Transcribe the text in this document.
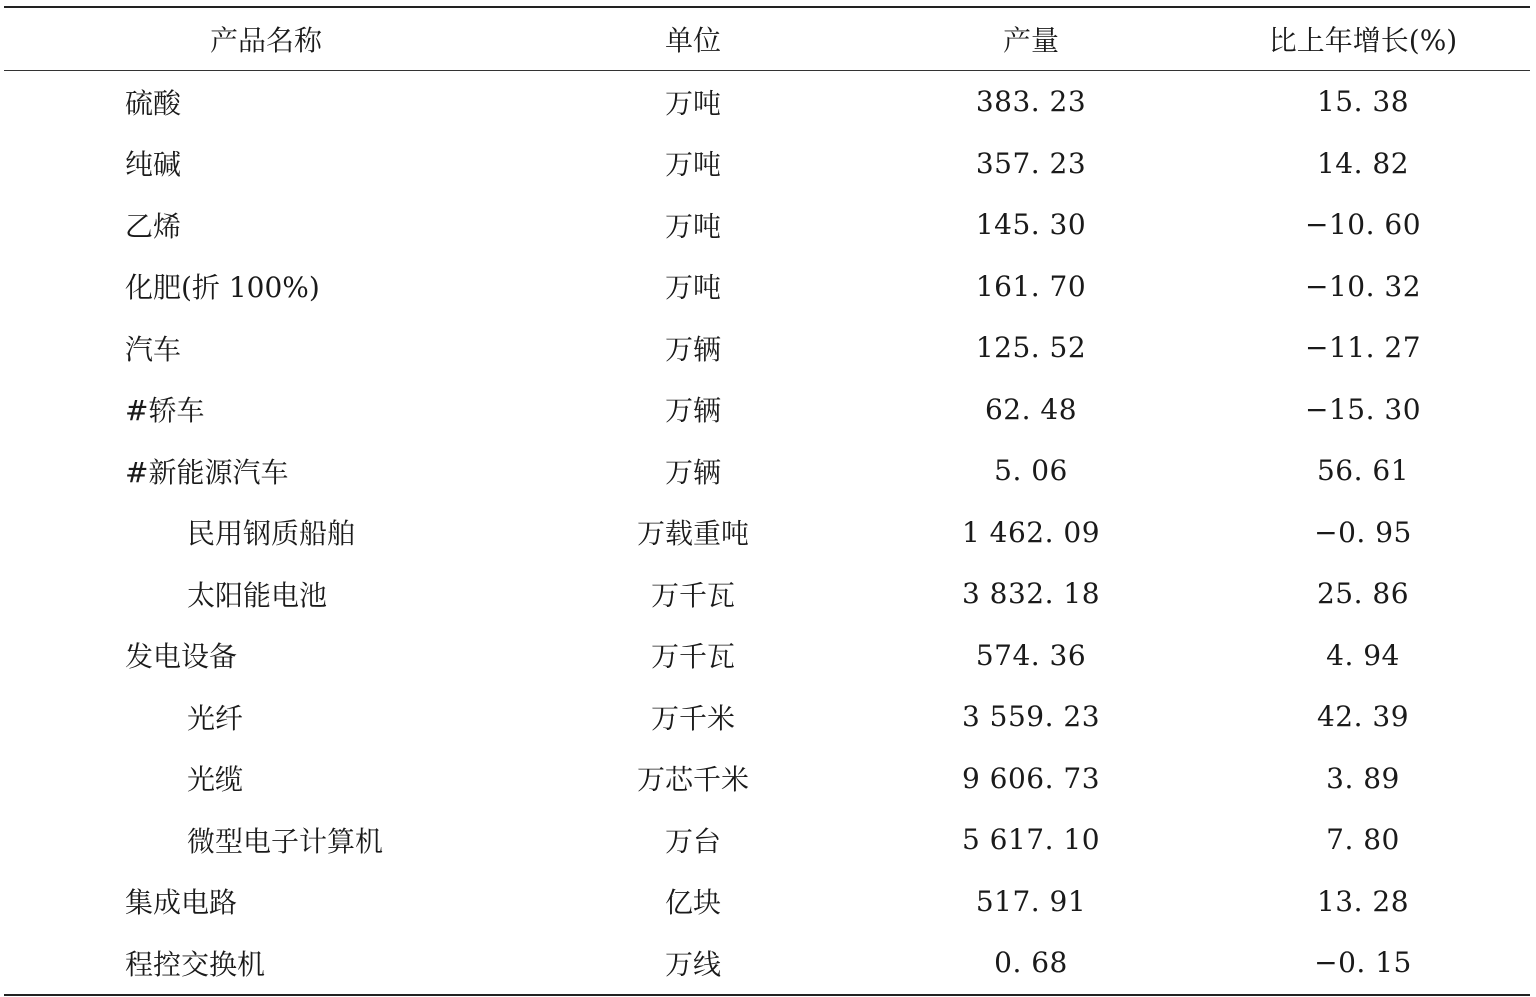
产品名称	单位	产量	比上年增长(%)
硫酸	万吨	383. 23	15. 38
纯碱	万吨	357. 23	14. 82
乙烯	万吨	145. 30	−10. 60
化肥(折 100%)	万吨	161. 70	−10. 32
汽车	万辆	125. 52	−11. 27
#轿车	万辆	62. 48	−15. 30
#新能源汽车	万辆	5. 06	56. 61
民用钢质船舶	万载重吨	1 462. 09	−0. 95
太阳能电池	万千瓦	3 832. 18	25. 86
发电设备	万千瓦	574. 36	4. 94
光纤	万千米	3 559. 23	42. 39
光缆	万芯千米	9 606. 73	3. 89
微型电子计算机	万台	5 617. 10	7. 80
集成电路	亿块	517. 91	13. 28
程控交换机	万线	0. 68	−0. 15
